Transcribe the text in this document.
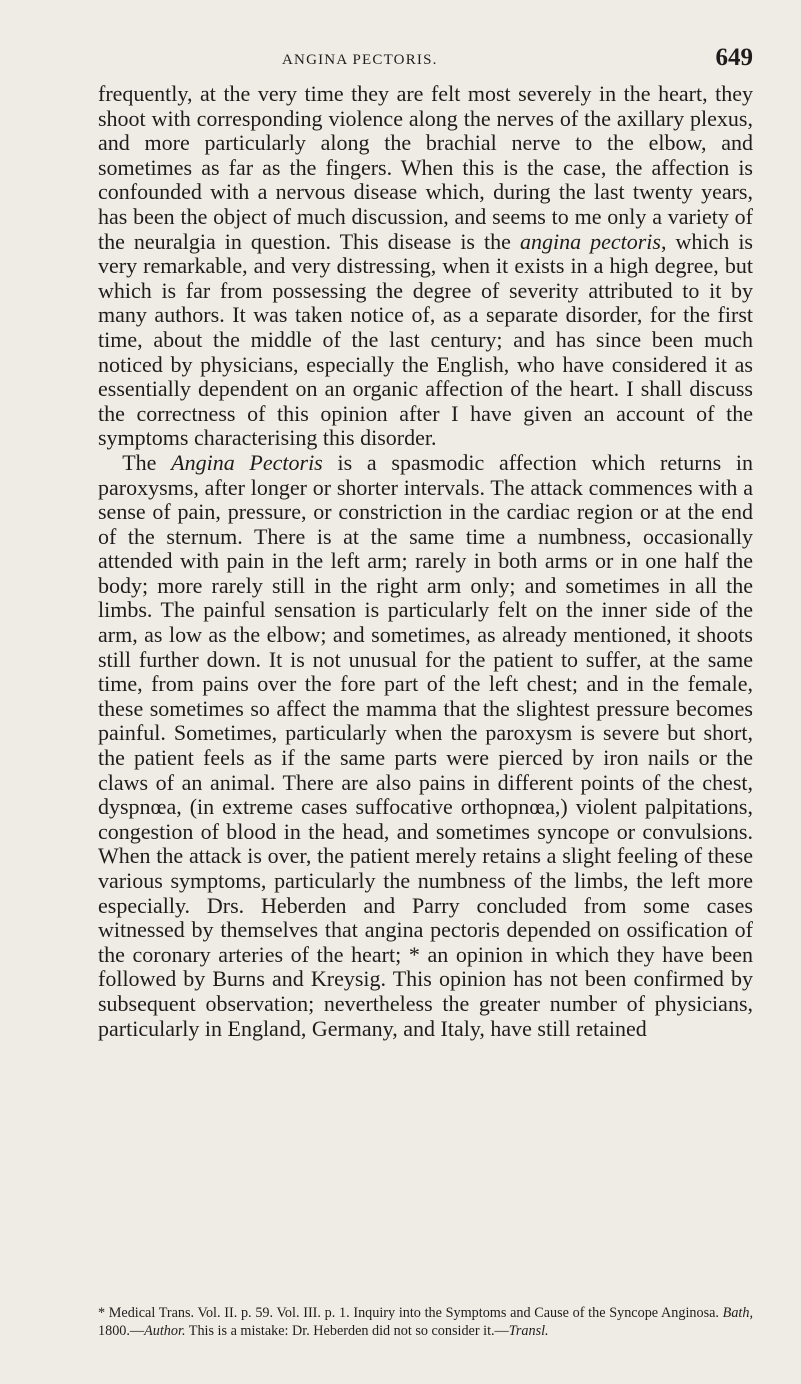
ANGINA PECTORIS.	649

frequently, at the very time they are felt most severely in the heart, they shoot with corresponding violence along the nerves of the axillary plexus, and more particularly along the brachial nerve to the elbow, and sometimes as far as the fingers. When this is the case, the affection is confounded with a nervous disease which, during the last twenty years, has been the object of much discussion, and seems to me only a variety of the neuralgia in question. This disease is the angina pectoris, which is very remarkable, and very distressing, when it exists in a high degree, but which is far from possessing the degree of severity attributed to it by many authors. It was taken notice of, as a separate disorder, for the first time, about the middle of the last century; and has since been much noticed by physicians, especially the English, who have considered it as essentially dependent on an organic affection of the heart. I shall discuss the correctness of this opinion after I have given an account of the symptoms characterising this disorder.

The Angina Pectoris is a spasmodic affection which returns in paroxysms, after longer or shorter intervals. The attack commences with a sense of pain, pressure, or constriction in the cardiac region or at the end of the sternum. There is at the same time a numbness, occasionally attended with pain in the left arm; rarely in both arms or in one half the body; more rarely still in the right arm only; and sometimes in all the limbs. The painful sensation is particularly felt on the inner side of the arm, as low as the elbow; and sometimes, as already mentioned, it shoots still further down. It is not unusual for the patient to suffer, at the same time, from pains over the fore part of the left chest; and in the female, these sometimes so affect the mamma that the slightest pressure becomes painful. Sometimes, particularly when the paroxysm is severe but short, the patient feels as if the same parts were pierced by iron nails or the claws of an animal. There are also pains in different points of the chest, dyspnœa, (in extreme cases suffocative orthopnœa,) violent palpitations, congestion of blood in the head, and sometimes syncope or convulsions. When the attack is over, the patient merely retains a slight feeling of these various symptoms, particularly the numbness of the limbs, the left more especially. Drs. Heberden and Parry concluded from some cases witnessed by themselves that angina pectoris depended on ossification of the coronary arteries of the heart; * an opinion in which they have been followed by Burns and Kreysig. This opinion has not been confirmed by subsequent observation; nevertheless the greater number of physicians, particularly in England, Germany, and Italy, have still retained

* Medical Trans. Vol. II. p. 59. Vol. III. p. 1. Inquiry into the Symptoms and Cause of the Syncope Anginosa. Bath, 1800.—Author. This is a mistake: Dr. Heberden did not so consider it.—Transl.
